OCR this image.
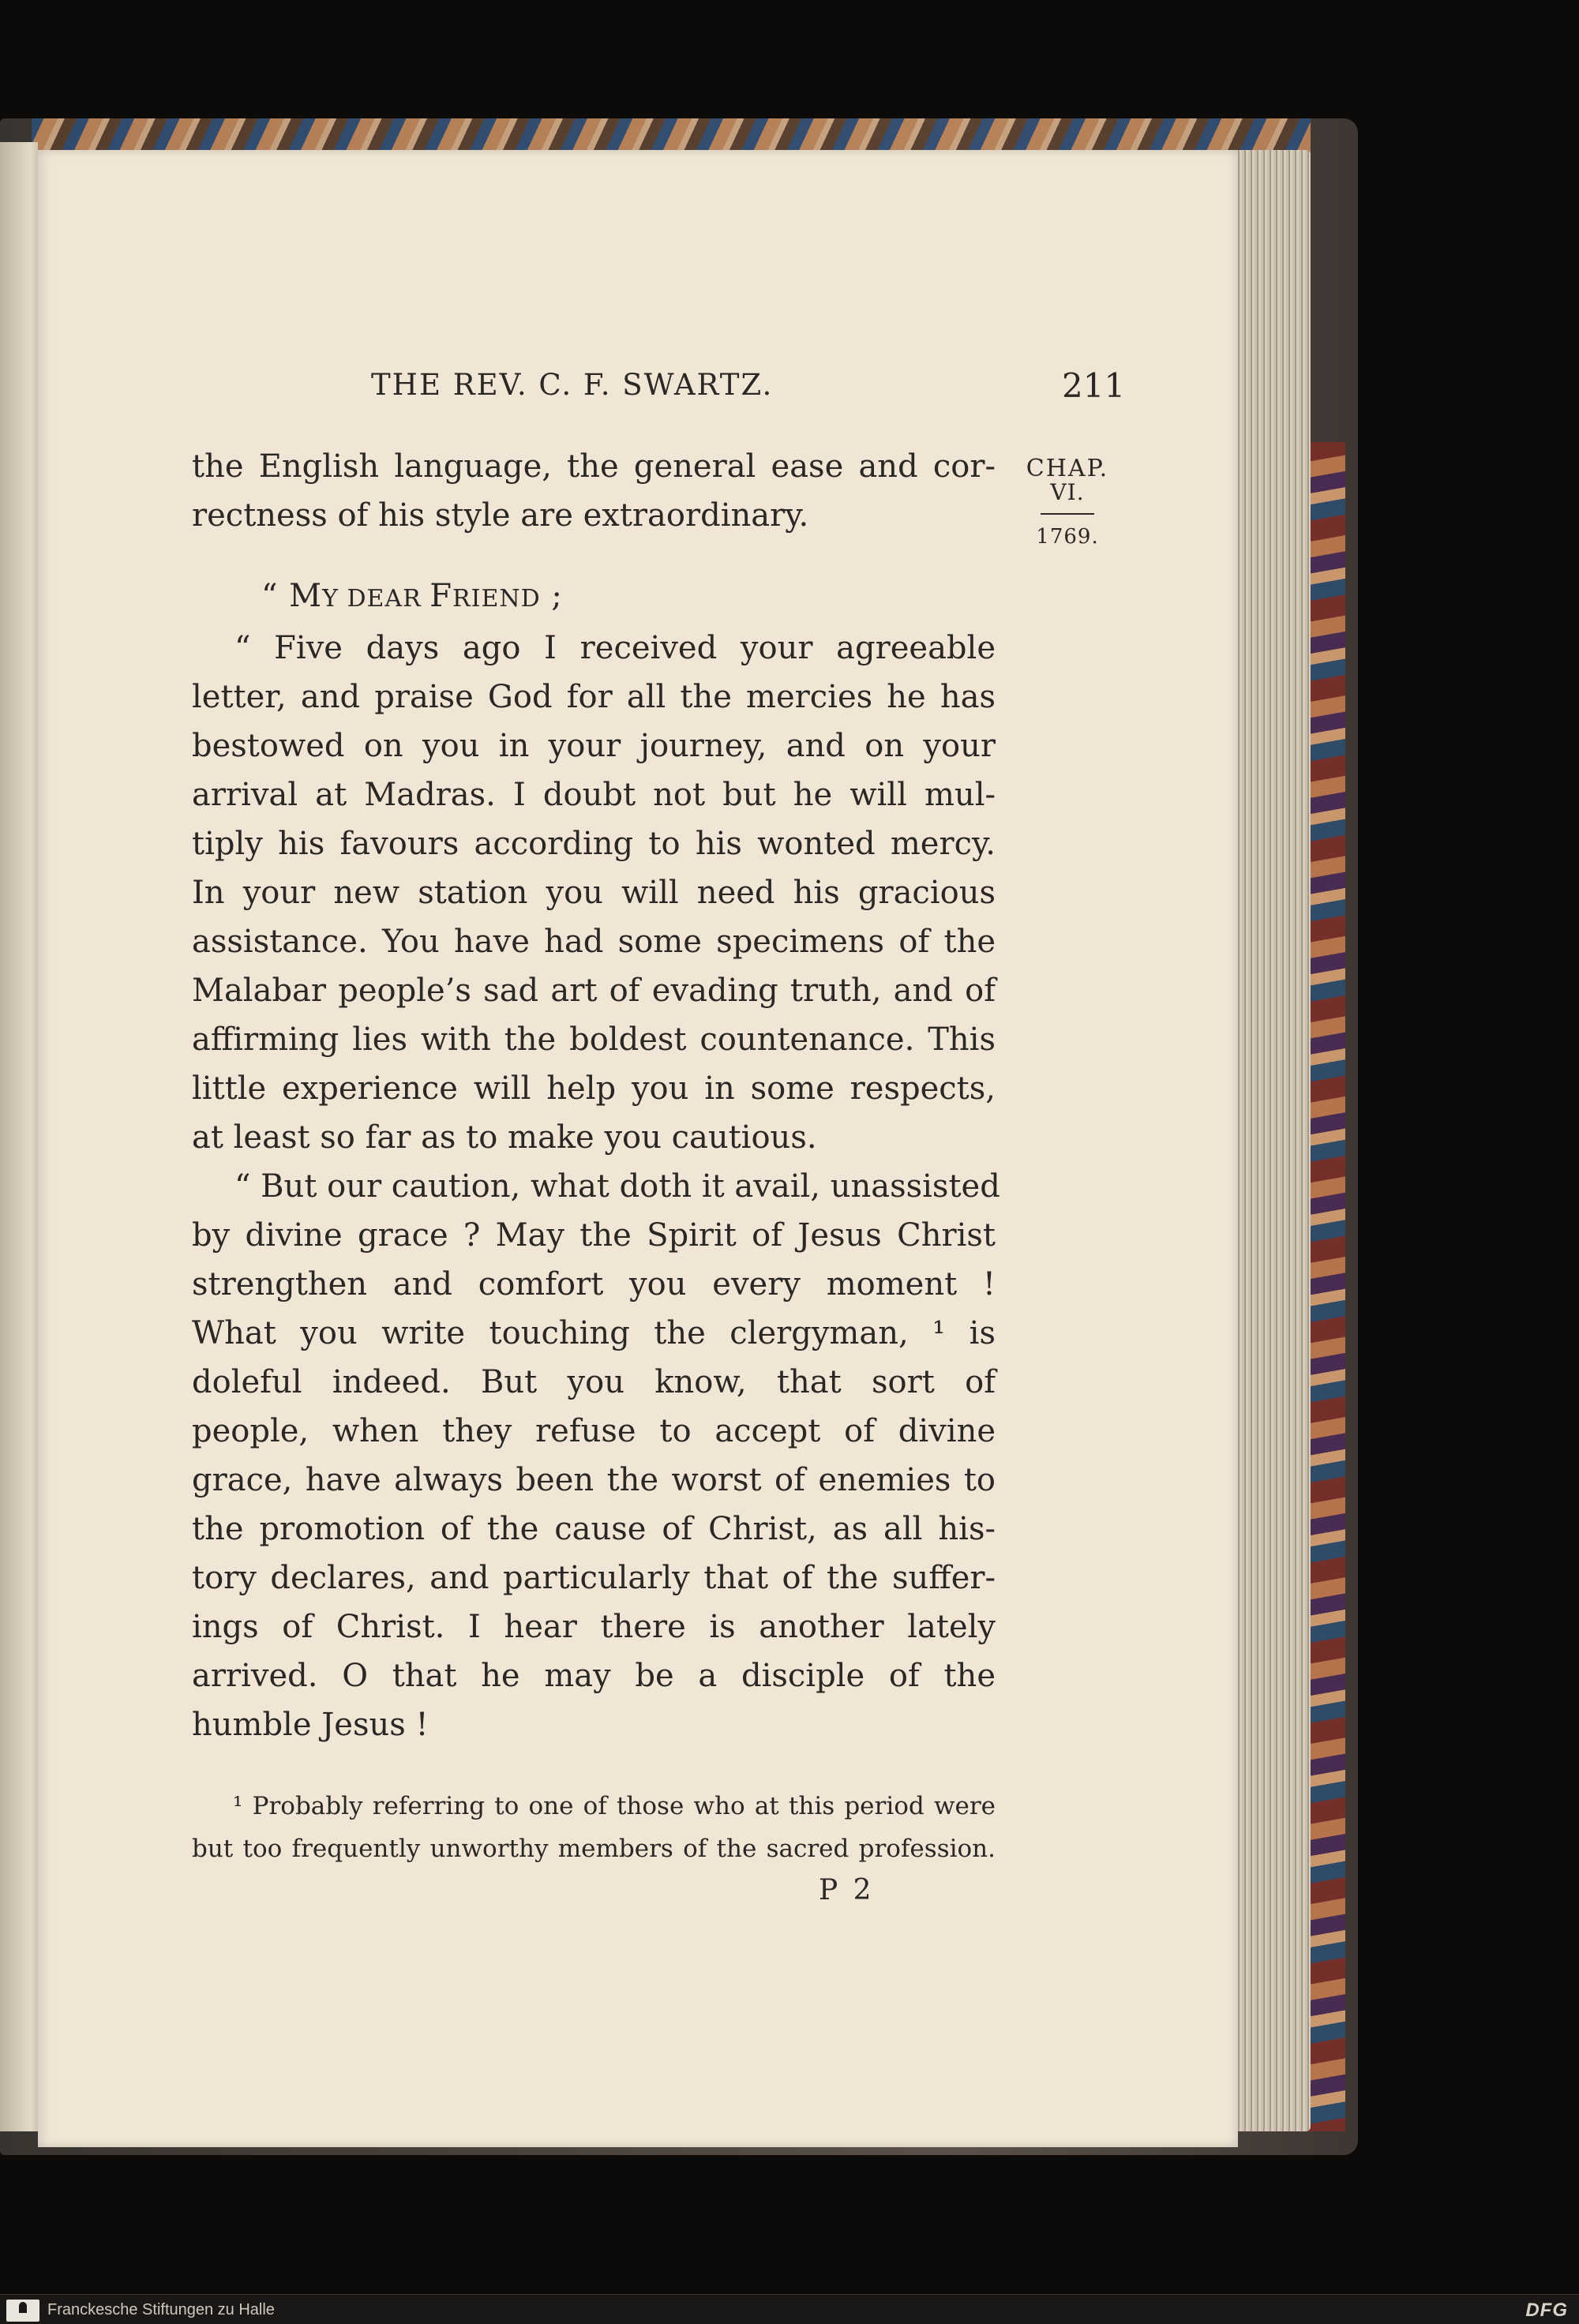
THE REV. C. F. SWARTZ.	211
CHAP.
VI.
1769.
the English language, the general ease and cor-
rectness of his style are extraordinary.
“ MY DEAR FRIEND ;
“ Five days ago I received your agreeable
letter, and praise God for all the mercies he has
bestowed on you in your journey, and on your
arrival at Madras. I doubt not but he will mul-
tiply his favours according to his wonted mercy.
In your new station you will need his gracious
assistance. You have had some specimens of the
Malabar people’s sad art of evading truth, and of
affirming lies with the boldest countenance. This
little experience will help you in some respects,
at least so far as to make you cautious.
“ But our caution, what doth it avail, unassisted
by divine grace ? May the Spirit of Jesus Christ
strengthen and comfort you every moment !
What you write touching the clergyman, ¹ is
doleful indeed. But you know, that sort of
people, when they refuse to accept of divine
grace, have always been the worst of enemies to
the promotion of the cause of Christ, as all his-
tory declares, and particularly that of the suffer-
ings of Christ. I hear there is another lately
arrived. O that he may be a disciple of the
humble Jesus !
¹ Probably referring to one of those who at this period were
but too frequently unworthy members of the sacred profession.
P 2
Franckesche Stiftungen zu Halle	DFG
